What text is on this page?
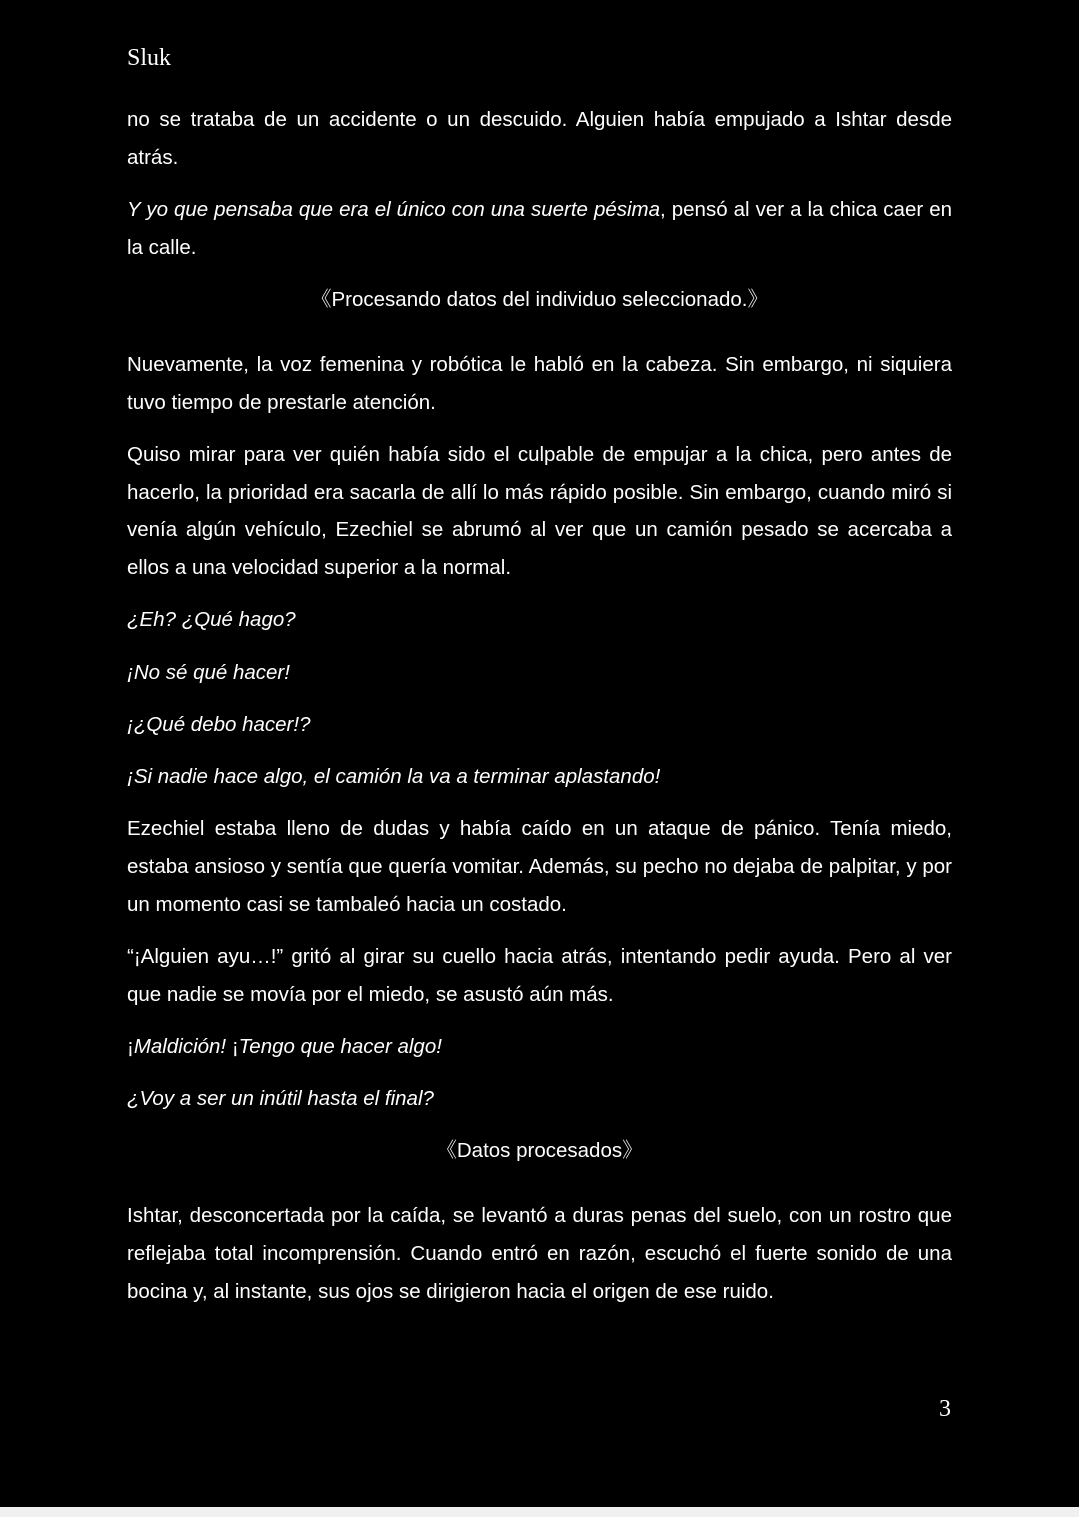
Sluk

no se trataba de un accidente o un descuido. Alguien había empujado a Ishtar desde atrás.

Y yo que pensaba que era el único con una suerte pésima, pensó al ver a la chica caer en la calle.

《Procesando datos del individuo seleccionado.》

Nuevamente, la voz femenina y robótica le habló en la cabeza. Sin embargo, ni siquiera tuvo tiempo de prestarle atención.

Quiso mirar para ver quién había sido el culpable de empujar a la chica, pero antes de hacerlo, la prioridad era sacarla de allí lo más rápido posible. Sin embargo, cuando miró si venía algún vehículo, Ezechiel se abrumó al ver que un camión pesado se acercaba a ellos a una velocidad superior a la normal.

¿Eh? ¿Qué hago?

¡No sé qué hacer!

¡¿Qué debo hacer!?

¡Si nadie hace algo, el camión la va a terminar aplastando!

Ezechiel estaba lleno de dudas y había caído en un ataque de pánico. Tenía miedo, estaba ansioso y sentía que quería vomitar. Además, su pecho no dejaba de palpitar, y por un momento casi se tambaleó hacia un costado.

“¡Alguien ayu…!” gritó al girar su cuello hacia atrás, intentando pedir ayuda. Pero al ver que nadie se movía por el miedo, se asustó aún más.

¡Maldición! ¡Tengo que hacer algo!

¿Voy a ser un inútil hasta el final?

《Datos procesados》

Ishtar, desconcertada por la caída, se levantó a duras penas del suelo, con un rostro que reflejaba total incomprensión. Cuando entró en razón, escuchó el fuerte sonido de una bocina y, al instante, sus ojos se dirigieron hacia el origen de ese ruido.

3
